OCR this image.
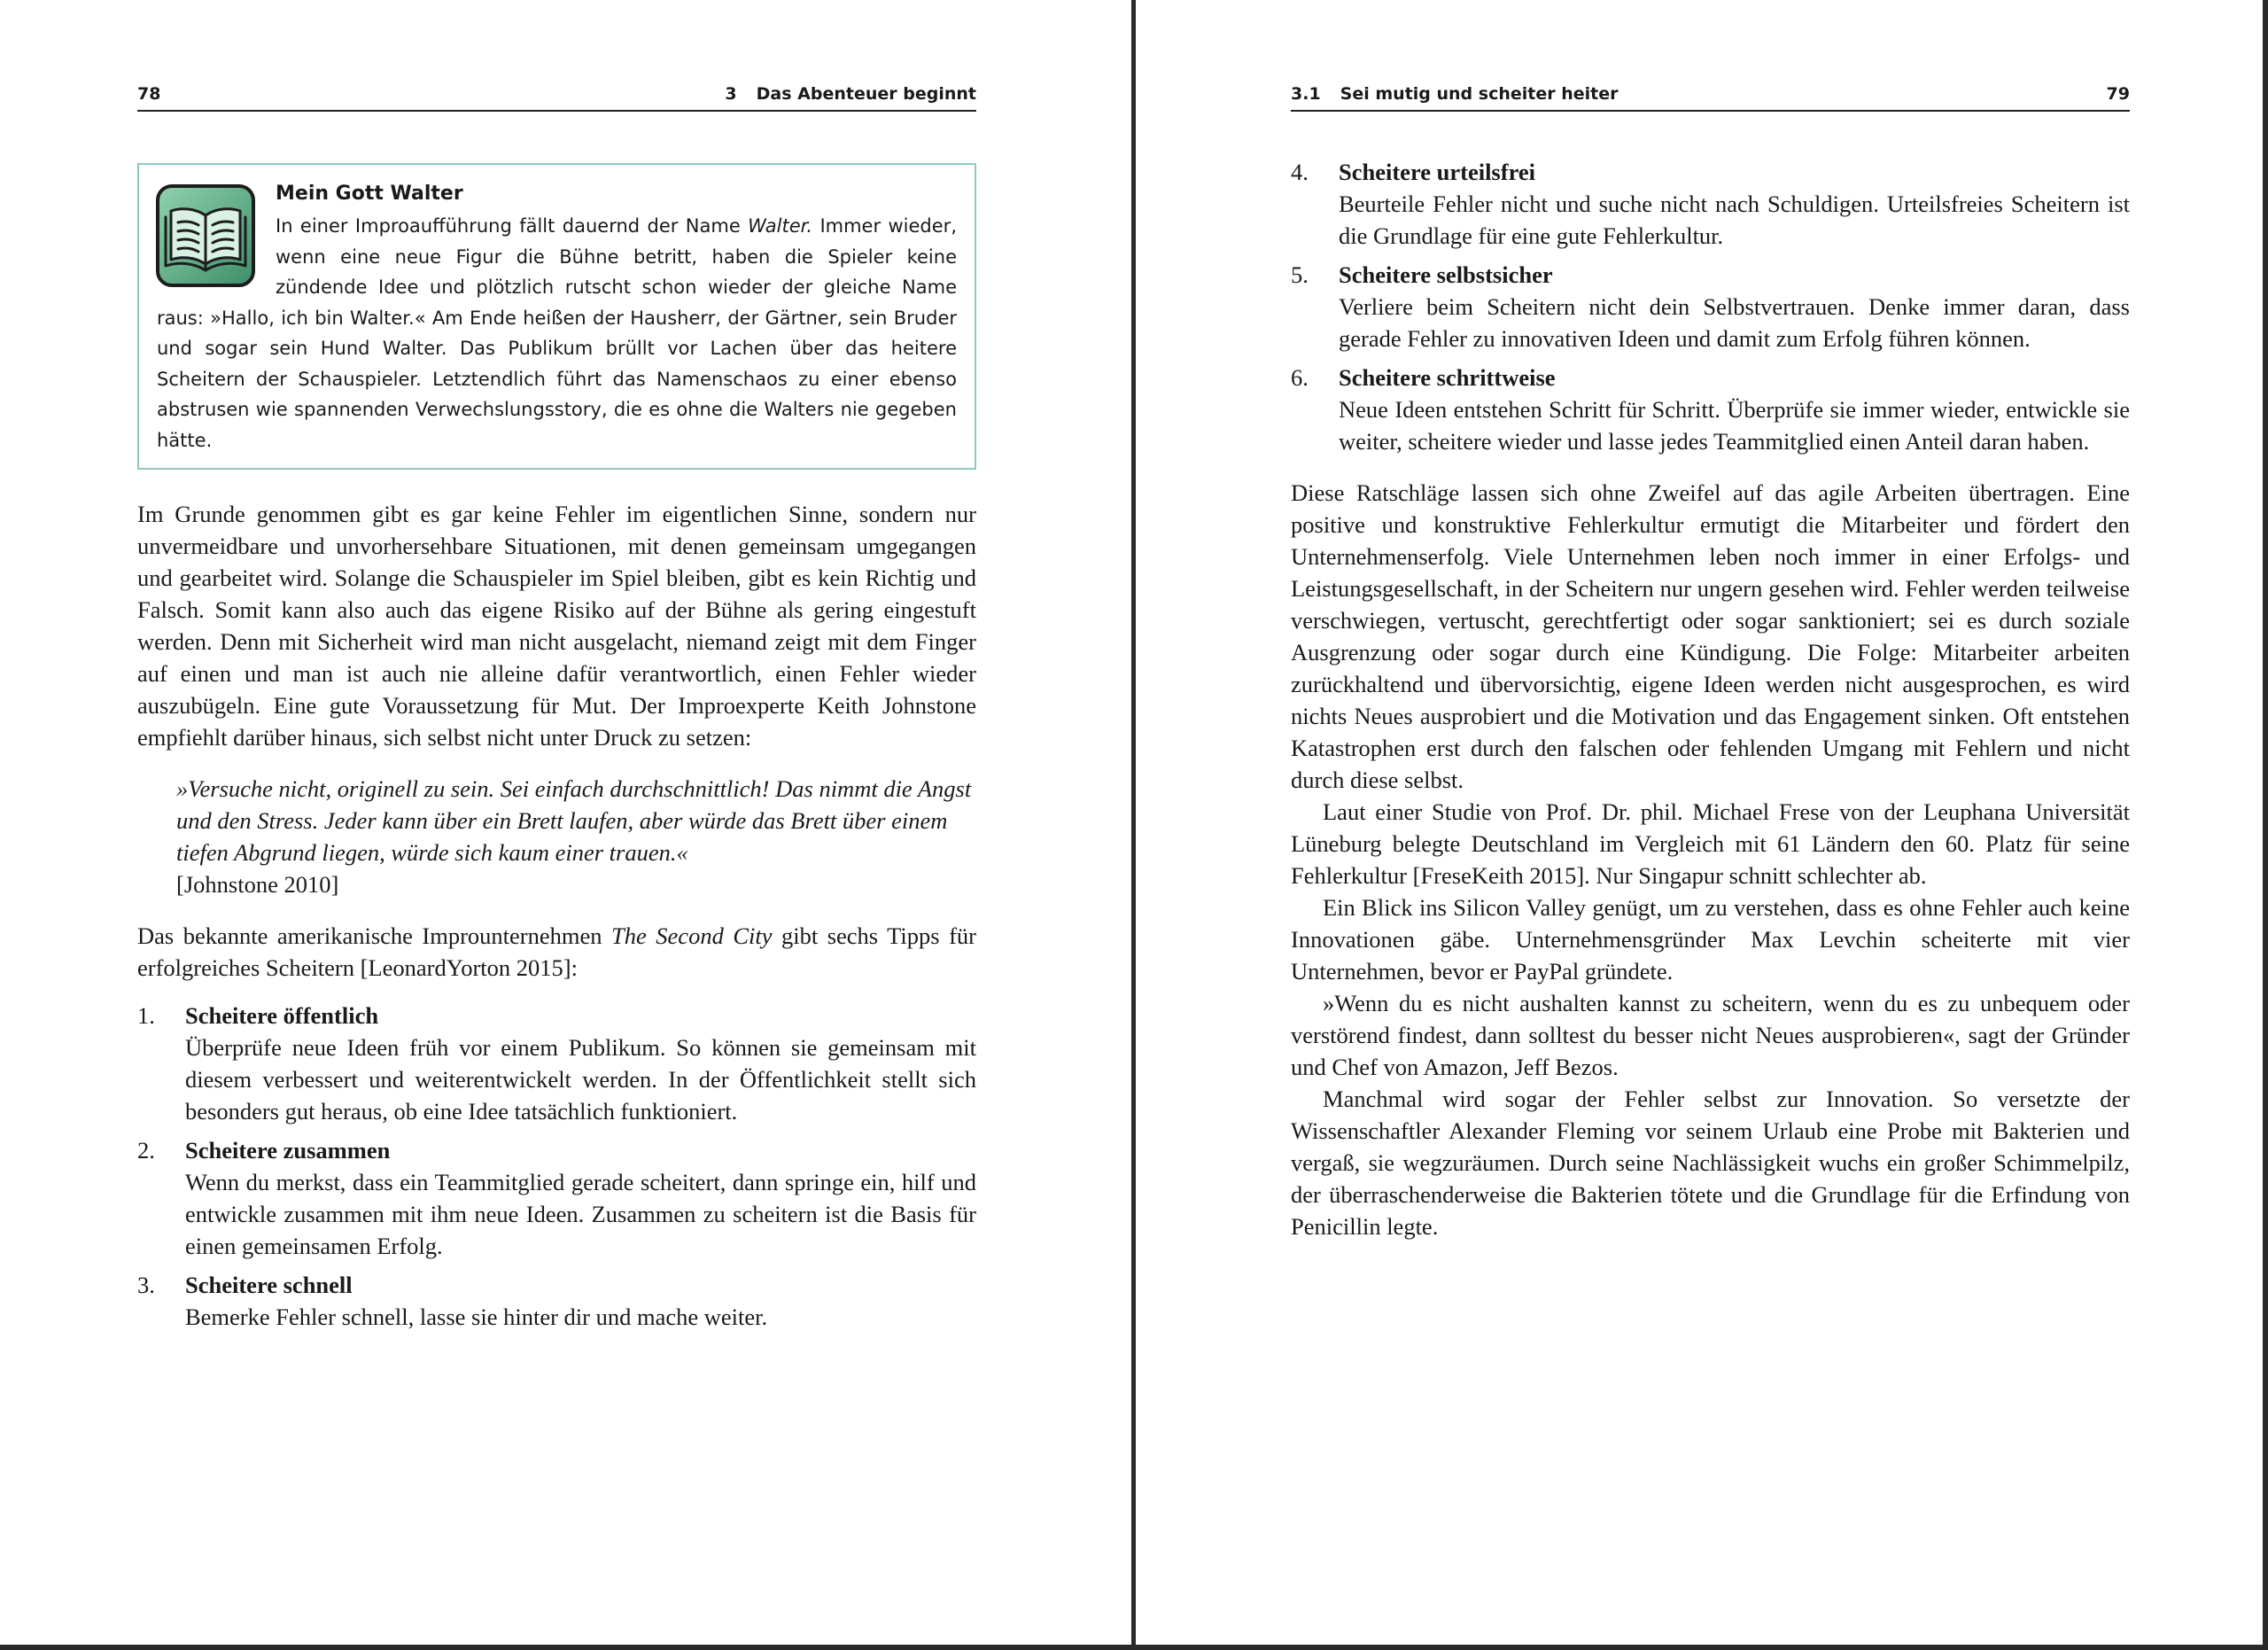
78	3 Das Abenteuer beginnt
Mein Gott Walter
In einer Improaufführung fällt dauernd der Name Walter. Immer wieder, wenn eine neue Figur die Bühne betritt, haben die Spieler keine zündende Idee und plötzlich rutscht schon wieder der gleiche Name raus: »Hallo, ich bin Walter.« Am Ende heißen der Hausherr, der Gärtner, sein Bruder und sogar sein Hund Walter. Das Publikum brüllt vor Lachen über das heitere Scheitern der Schauspieler. Letztendlich führt das Namenschaos zu einer ebenso abstrusen wie spannenden Verwechslungsstory, die es ohne die Walters nie gegeben hätte.

Im Grunde genommen gibt es gar keine Fehler im eigentlichen Sinne, sondern nur unvermeidbare und unvorhersehbare Situationen, mit denen gemeinsam umgegangen und gearbeitet wird. Solange die Schauspieler im Spiel bleiben, gibt es kein Richtig und Falsch. Somit kann also auch das eigene Risiko auf der Bühne als gering eingestuft werden. Denn mit Sicherheit wird man nicht ausgelacht, niemand zeigt mit dem Finger auf einen und man ist auch nie alleine dafür verantwortlich, einen Fehler wieder auszubügeln. Eine gute Voraussetzung für Mut. Der Improexperte Keith Johnstone empfiehlt darüber hinaus, sich selbst nicht unter Druck zu setzen:

»Versuche nicht, originell zu sein. Sei einfach durchschnittlich! Das nimmt die Angst und den Stress. Jeder kann über ein Brett laufen, aber würde das Brett über einem tiefen Abgrund liegen, würde sich kaum einer trauen.«
[Johnstone 2010]

Das bekannte amerikanische Improunternehmen The Second City gibt sechs Tipps für erfolgreiches Scheitern [LeonardYorton 2015]:

1.	Scheitere öffentlich
Überprüfe neue Ideen früh vor einem Publikum. So können sie gemeinsam mit diesem verbessert und weiterentwickelt werden. In der Öffentlichkeit stellt sich besonders gut heraus, ob eine Idee tatsächlich funktioniert.
2.	Scheitere zusammen
Wenn du merkst, dass ein Teammitglied gerade scheitert, dann springe ein, hilf und entwickle zusammen mit ihm neue Ideen. Zusammen zu scheitern ist die Basis für einen gemeinsamen Erfolg.
3.	Scheitere schnell
Bemerke Fehler schnell, lasse sie hinter dir und mache weiter.
3.1 Sei mutig und scheiter heiter	79
4.	Scheitere urteilsfrei
Beurteile Fehler nicht und suche nicht nach Schuldigen. Urteilsfreies Scheitern ist die Grundlage für eine gute Fehlerkultur.
5.	Scheitere selbstsicher
Verliere beim Scheitern nicht dein Selbstvertrauen. Denke immer daran, dass gerade Fehler zu innovativen Ideen und damit zum Erfolg führen können.
6.	Scheitere schrittweise
Neue Ideen entstehen Schritt für Schritt. Überprüfe sie immer wieder, entwickle sie weiter, scheitere wieder und lasse jedes Teammitglied einen Anteil daran haben.

Diese Ratschläge lassen sich ohne Zweifel auf das agile Arbeiten übertragen. Eine positive und konstruktive Fehlerkultur ermutigt die Mitarbeiter und fördert den Unternehmenserfolg. Viele Unternehmen leben noch immer in einer Erfolgs- und Leistungsgesellschaft, in der Scheitern nur ungern gesehen wird. Fehler werden teilweise verschwiegen, vertuscht, gerechtfertigt oder sogar sanktioniert; sei es durch soziale Ausgrenzung oder sogar durch eine Kündigung. Die Folge: Mitarbeiter arbeiten zurückhaltend und übervorsichtig, eigene Ideen werden nicht ausgesprochen, es wird nichts Neues ausprobiert und die Motivation und das Engagement sinken. Oft entstehen Katastrophen erst durch den falschen oder fehlenden Umgang mit Fehlern und nicht durch diese selbst.

Laut einer Studie von Prof. Dr. phil. Michael Frese von der Leuphana Universität Lüneburg belegte Deutschland im Vergleich mit 61 Ländern den 60. Platz für seine Fehlerkultur [FreseKeith 2015]. Nur Singapur schnitt schlechter ab.

Ein Blick ins Silicon Valley genügt, um zu verstehen, dass es ohne Fehler auch keine Innovationen gäbe. Unternehmensgründer Max Levchin scheiterte mit vier Unternehmen, bevor er PayPal gründete.

»Wenn du es nicht aushalten kannst zu scheitern, wenn du es zu unbequem oder verstörend findest, dann solltest du besser nicht Neues ausprobieren«, sagt der Gründer und Chef von Amazon, Jeff Bezos.

Manchmal wird sogar der Fehler selbst zur Innovation. So versetzte der Wissenschaftler Alexander Fleming vor seinem Urlaub eine Probe mit Bakterien und vergaß, sie wegzuräumen. Durch seine Nachlässigkeit wuchs ein großer Schimmelpilz, der überraschenderweise die Bakterien tötete und die Grundlage für die Erfindung von Penicillin legte.
